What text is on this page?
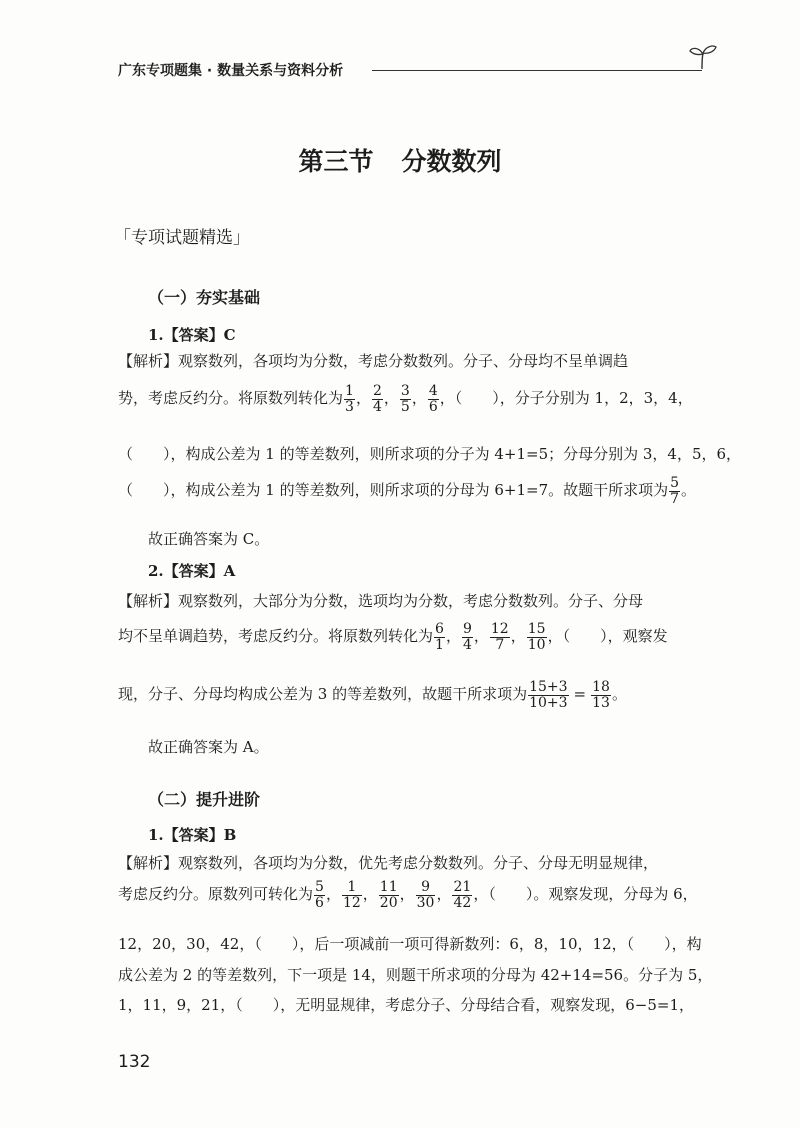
广东专项题集 · 数量关系与资料分析
第三节 分数数列
「专项试题精选」
（一）夯实基础
1.【答案】C
【解析】观察数列，各项均为分数，考虑分数数列。分子、分母均不呈单调趋
势，考虑反约分。将原数列转化为 $\frac{1}{3}$ ， $\frac{2}{4}$ ， $\frac{3}{5}$ ， $\frac{4}{6}$ ，（　　），分子分别为 1，2，3，4，
（　　），构成公差为 1 的等差数列，则所求项的分子为 4+1=5；分母分别为 3，4，5，6，
（　　），构成公差为 1 的等差数列，则所求项的分母为 6+1=7。故题干所求项为 $\frac{5}{7}$ 。
故正确答案为 C。
2.【答案】A
【解析】观察数列，大部分为分数，选项均为分数，考虑分数数列。分子、分母
均不呈单调趋势，考虑反约分。将原数列转化为 $\frac{6}{1}$ ， $\frac{9}{4}$ ， $\frac{12}{7}$ ， $\frac{15}{10}$ ，（　　），观察发
现，分子、分母均构成公差为 3 的等差数列，故题干所求项为 $\frac{15+3}{10+3} = \frac{18}{13}$ 。
故正确答案为 A。
（二）提升进阶
1.【答案】B
【解析】观察数列，各项均为分数，优先考虑分数数列。分子、分母无明显规律，
考虑反约分。原数列可转化为 $\frac{5}{6}$ ， $\frac{1}{12}$ ， $\frac{11}{20}$ ， $\frac{9}{30}$ ， $\frac{21}{42}$ ，（　　）。观察发现，分母为 6，
12，20，30，42，（　　），后一项减前一项可得新数列：6，8，10，12，（　　），构
成公差为 2 的等差数列，下一项是 14，则题干所求项的分母为 42+14=56。分子为 5，
1，11，9，21，（　　），无明显规律，考虑分子、分母结合看，观察发现，6−5=1，
132
